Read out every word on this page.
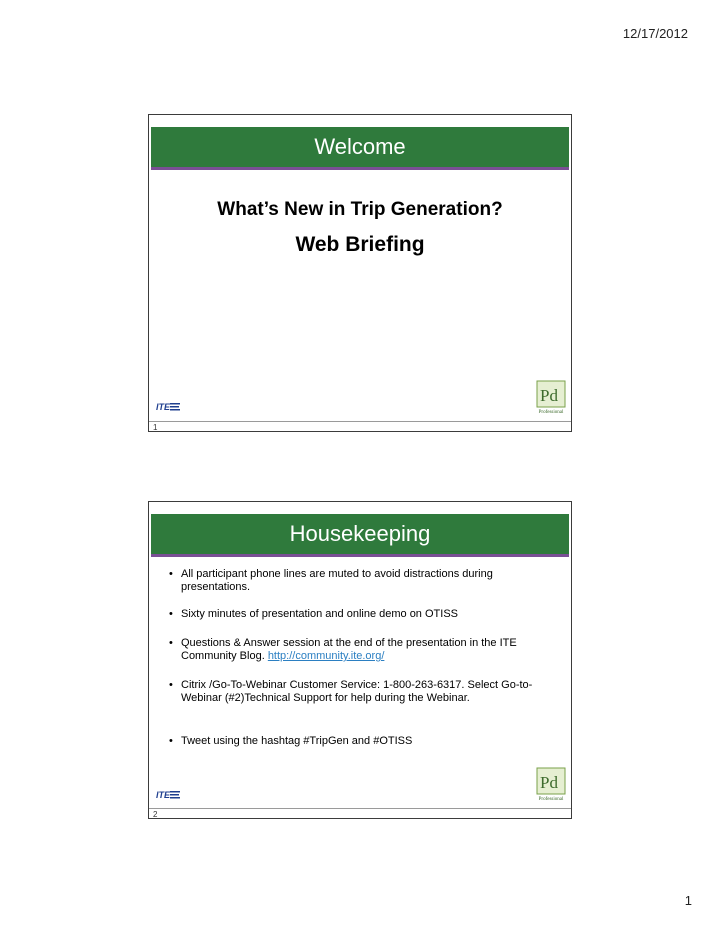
12/17/2012
Welcome
What’s New in Trip Generation?
Web Briefing
ITE
Pd
Professional
1
Housekeeping
• All participant phone lines are muted to avoid distractions during presentations.
• Sixty minutes of presentation and online demo on OTISS
• Questions & Answer session at the end of the presentation in the ITE Community Blog. http://community.ite.org/
• Citrix /Go-To-Webinar Customer Service: 1-800-263-6317. Select Go-to-Webinar (#2)Technical Support for help during the Webinar.
• Tweet using the hashtag #TripGen and #OTISS
ITE
Pd
Professional
2
1
